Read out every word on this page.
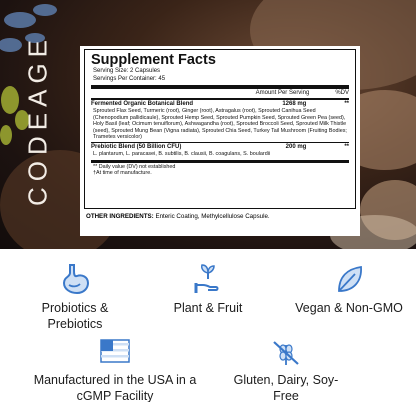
CODEAGE	Supplement Facts
Serving Size: 2 Capsules
Servings Per Container: 45
Amount Per Serving	%DV
Fermented Organic Botanical Blend	1268 mg	**
Sprouted Flax Seed, Turmeric (root), Ginger (root), Astragalus (root), Sprouted Canihua Seed (Chenopodium pallidicaule), Sprouted Hemp Seed, Sprouted Pumpkin Seed, Sprouted Green Pea (seed), Holy Basil (leaf; Ocimum tenuiflorum), Ashwagandha (root), Sprouted Broccoli Seed, Sprouted Milk Thistle (seed), Sprouted Mung Bean (Vigna radiata), Sprouted Chia Seed, Turkey Tail Mushroom (Fruiting Bodies; Trametes versicolor)
Prebiotic Blend (50 Billion CFU)	200 mg	**
L. plantarum, L. paracasei, B. subtilis, B. clausii, B. coagulans, S. boulardii
** Daily value (DV) not established
†At time of manufacture.
OTHER INGREDIENTS: Enteric Coating, Methylcellulose Capsule.
Probiotics & Prebiotics
Plant & Fruit	Vegan & Non-GMO
Manufactured in the USA in a cGMP Facility
Gluten, Dairy, Soy-Free
